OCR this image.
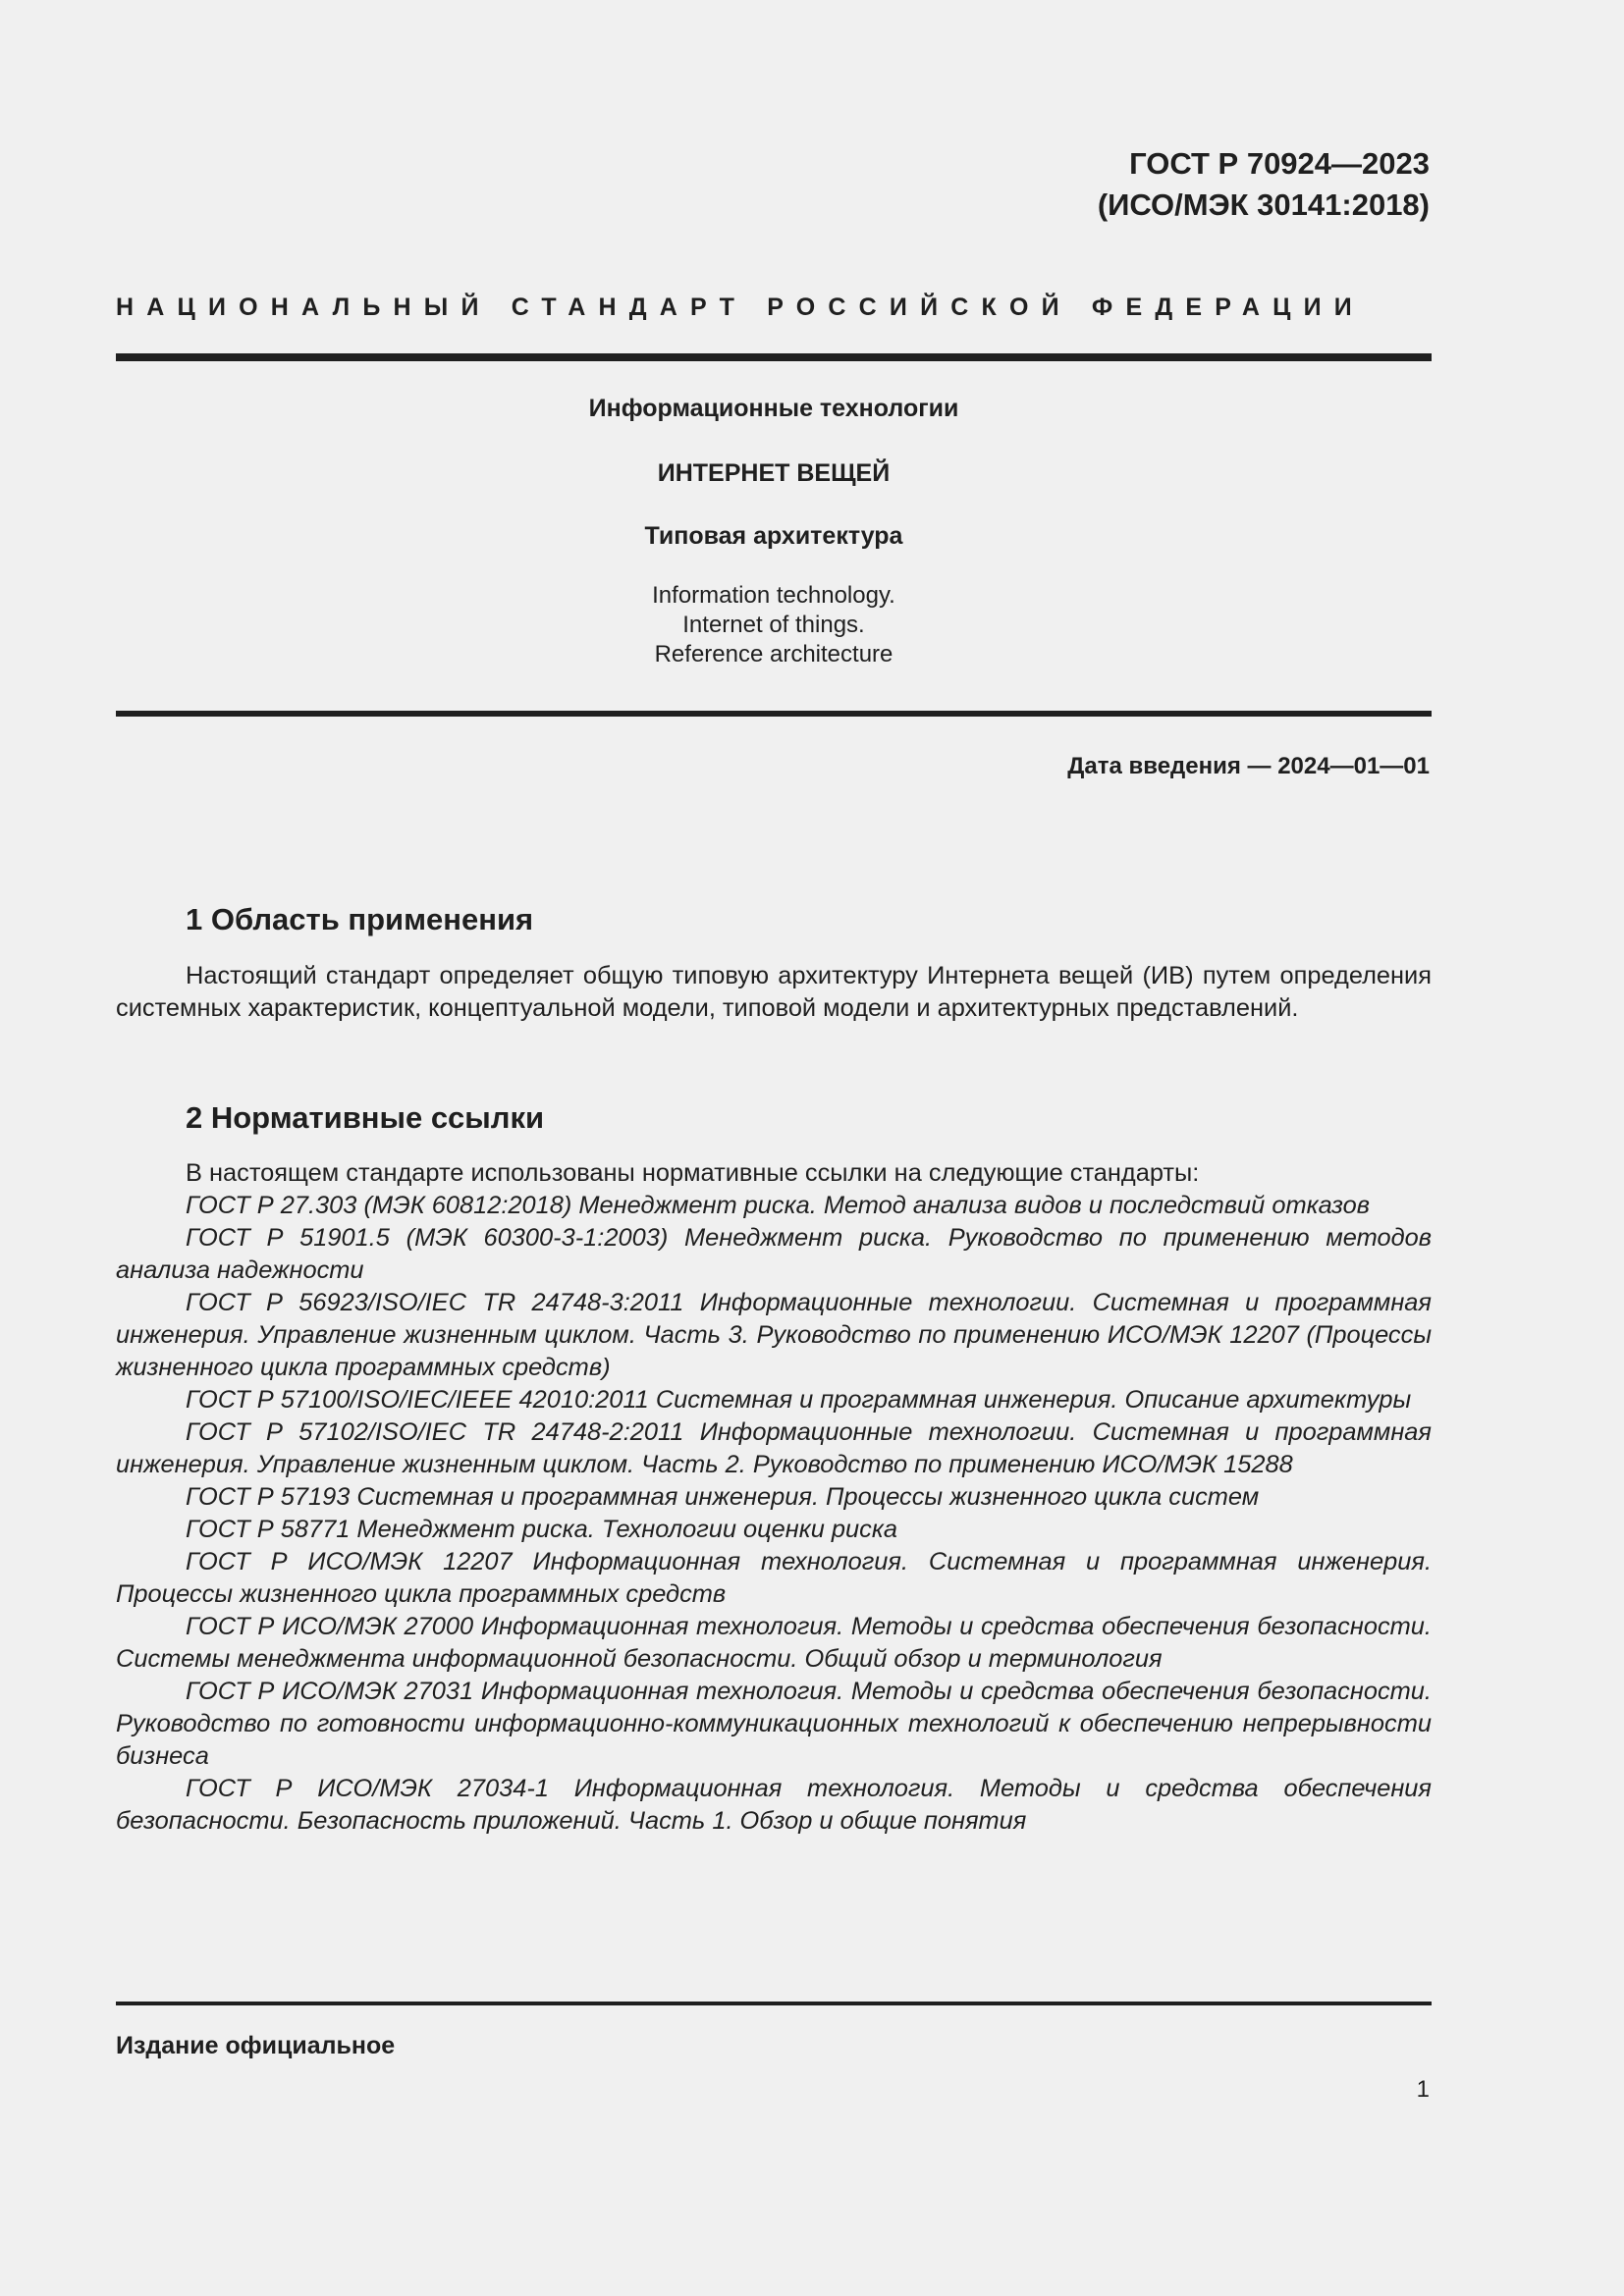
ГОСТ Р 70924—2023
(ИСО/МЭК 30141:2018)
НАЦИОНАЛЬНЫЙ СТАНДАРТ РОССИЙСКОЙ ФЕДЕРАЦИИ
Информационные технологии
ИНТЕРНЕТ ВЕЩЕЙ
Типовая архитектура
Information technology.
Internet of things.
Reference architecture
Дата введения — 2024—01—01
1 Область применения

Настоящий стандарт определяет общую типовую архитектуру Интернета вещей (ИВ) путем определения системных характеристик, концептуальной модели, типовой модели и архитектурных представлений.

2 Нормативные ссылки

В настоящем стандарте использованы нормативные ссылки на следующие стандарты:

ГОСТ Р 27.303 (МЭК 60812:2018) Менеджмент риска. Метод анализа видов и последствий отказов

ГОСТ Р 51901.5 (МЭК 60300-3-1:2003) Менеджмент риска. Руководство по применению методов анализа надежности

ГОСТ Р 56923/ISO/IEC TR 24748-3:2011 Информационные технологии. Системная и программная инженерия. Управление жизненным циклом. Часть 3. Руководство по применению ИСО/МЭК 12207 (Процессы жизненного цикла программных средств)

ГОСТ Р 57100/ISO/IEC/IEEE 42010:2011 Системная и программная инженерия. Описание архитектуры

ГОСТ Р 57102/ISO/IEC TR 24748-2:2011 Информационные технологии. Системная и программная инженерия. Управление жизненным циклом. Часть 2. Руководство по применению ИСО/МЭК 15288

ГОСТ Р 57193 Системная и программная инженерия. Процессы жизненного цикла систем

ГОСТ Р 58771 Менеджмент риска. Технологии оценки риска

ГОСТ Р ИСО/МЭК 12207 Информационная технология. Системная и программная инженерия. Процессы жизненного цикла программных средств

ГОСТ Р ИСО/МЭК 27000 Информационная технология. Методы и средства обеспечения безопасности. Системы менеджмента информационной безопасности. Общий обзор и терминология

ГОСТ Р ИСО/МЭК 27031 Информационная технология. Методы и средства обеспечения безопасности. Руководство по готовности информационно-коммуникационных технологий к обеспечению непрерывности бизнеса

ГОСТ Р ИСО/МЭК 27034-1 Информационная технология. Методы и средства обеспечения безопасности. Безопасность приложений. Часть 1. Обзор и общие понятия

Издание официальное
1
